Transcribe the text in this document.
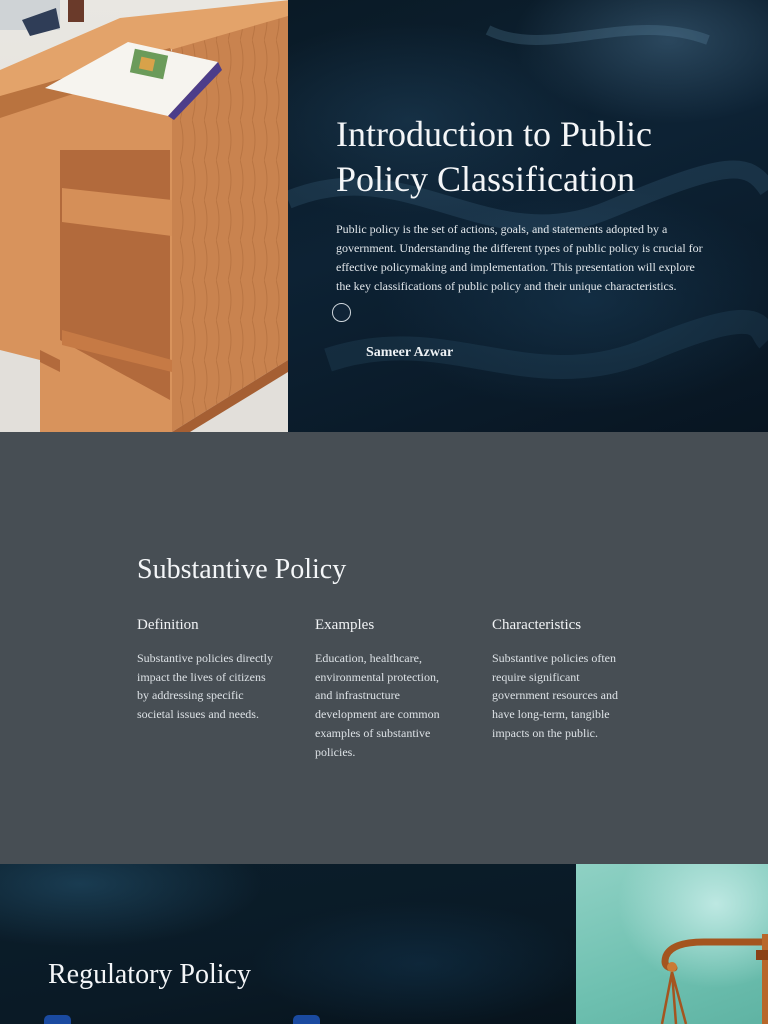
Introduction to Public Policy Classification

Public policy is the set of actions, goals, and statements adopted by a government. Understanding the different types of public policy is crucial for effective policymaking and implementation. This presentation will explore the key classifications of public policy and their unique characteristics.

Sameer Azwar
Substantive Policy
Definition

Substantive policies directly impact the lives of citizens by addressing specific societal issues and needs.

Examples

Education, healthcare, environmental protection, and infrastructure development are common examples of substantive policies.

Characteristics

Substantive policies often require significant government resources and have long-term, tangible impacts on the public.

Regulatory Policy
